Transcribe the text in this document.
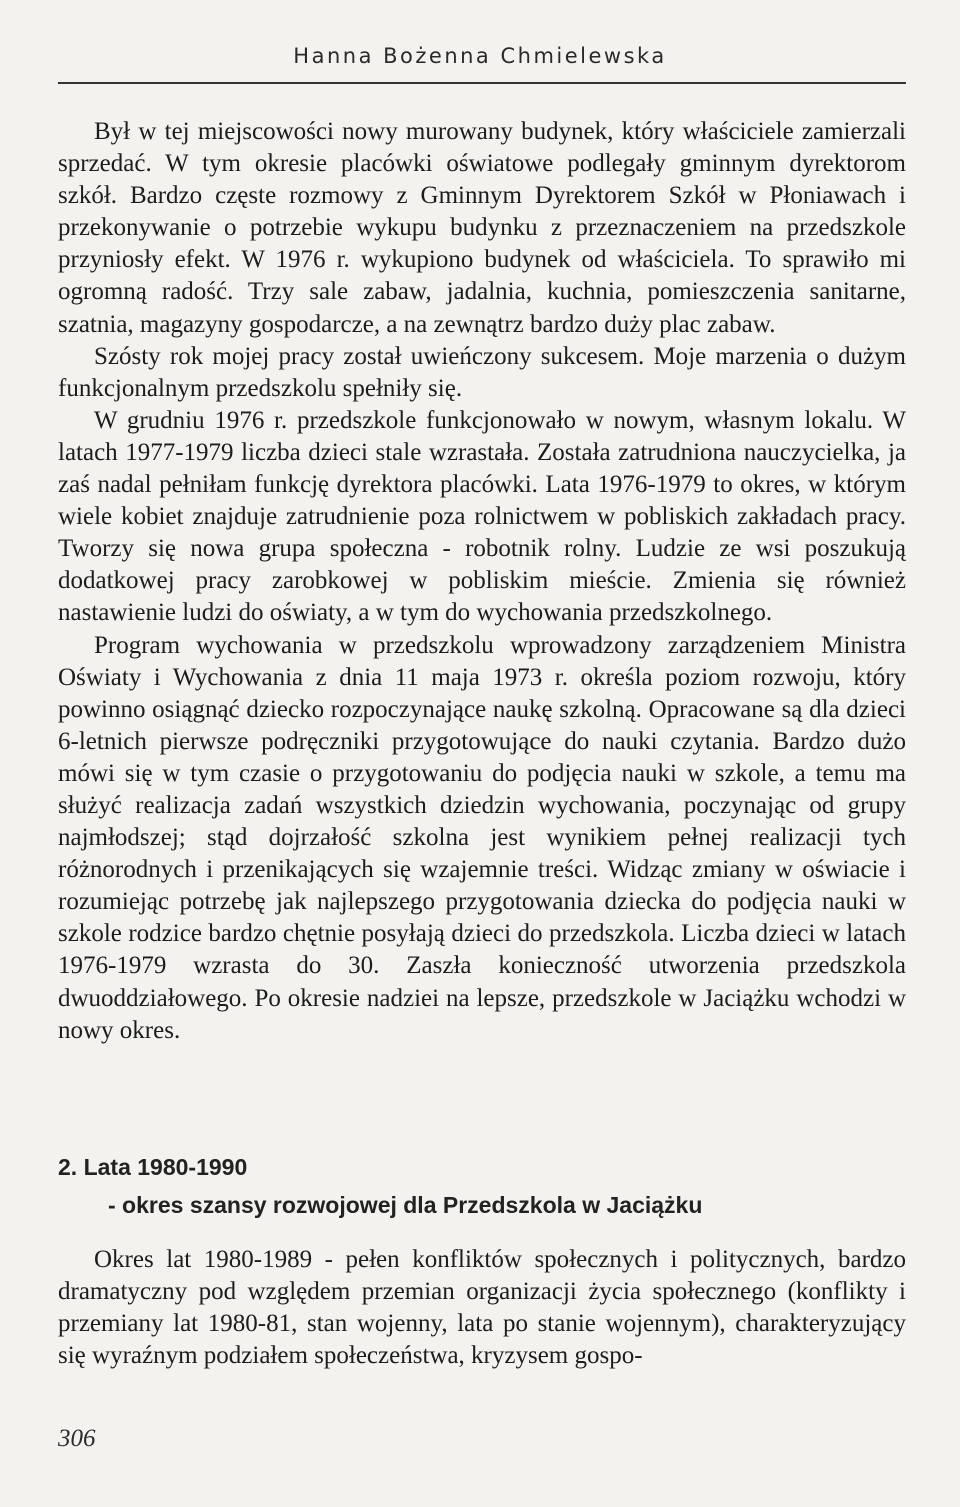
Hanna Bożenna Chmielewska

Był w tej miejscowości nowy murowany budynek, który właściciele zamierzali sprzedać. W tym okresie placówki oświatowe podlegały gminnym dyrektorom szkół. Bardzo częste rozmowy z Gminnym Dyrektorem Szkół w Płoniawach i przekonywanie o potrzebie wykupu budynku z przeznaczeniem na przedszkole przyniosły efekt. W 1976 r. wykupiono budynek od właściciela. To sprawiło mi ogromną radość. Trzy sale zabaw, jadalnia, kuchnia, pomieszczenia sanitarne, szatnia, magazyny gospodarcze, a na zewnątrz bardzo duży plac zabaw.

Szósty rok mojej pracy został uwieńczony sukcesem. Moje marzenia o dużym funkcjonalnym przedszkolu spełniły się.

W grudniu 1976 r. przedszkole funkcjonowało w nowym, własnym lokalu. W latach 1977-1979 liczba dzieci stale wzrastała. Została zatrudniona nauczycielka, ja zaś nadal pełniłam funkcję dyrektora placówki. Lata 1976-1979 to okres, w którym wiele kobiet znajduje zatrudnienie poza rolnictwem w pobliskich zakładach pracy. Tworzy się nowa grupa społeczna - robotnik rolny. Ludzie ze wsi poszukują dodatkowej pracy zarobkowej w pobliskim mieście. Zmienia się również nastawienie ludzi do oświaty, a w tym do wychowania przedszkolnego.

Program wychowania w przedszkolu wprowadzony zarządzeniem Ministra Oświaty i Wychowania z dnia 11 maja 1973 r. określa poziom rozwoju, który powinno osiągnąć dziecko rozpoczynające naukę szkolną. Opracowane są dla dzieci 6-letnich pierwsze podręczniki przygotowujące do nauki czytania. Bardzo dużo mówi się w tym czasie o przygotowaniu do podjęcia nauki w szkole, a temu ma służyć realizacja zadań wszystkich dziedzin wychowania, poczynając od grupy najmłodszej; stąd dojrzałość szkolna jest wynikiem pełnej realizacji tych różnorodnych i przenikających się wzajemnie treści. Widząc zmiany w oświacie i rozumiejąc potrzebę jak najlepszego przygotowania dziecka do podjęcia nauki w szkole rodzice bardzo chętnie posyłają dzieci do przedszkola. Liczba dzieci w latach 1976-1979 wzrasta do 30. Zaszła konieczność utworzenia przedszkola dwuoddziałowego. Po okresie nadziei na lepsze, przedszkole w Jaciążku wchodzi w nowy okres.

2. Lata 1980-1990
- okres szansy rozwojowej dla Przedszkola w Jaciążku

Okres lat 1980-1989 - pełen konfliktów społecznych i politycznych, bardzo dramatyczny pod względem przemian organizacji życia społecznego (konflikty i przemiany lat 1980-81, stan wojenny, lata po stanie wojennym), charakteryzujący się wyraźnym podziałem społeczeństwa, kryzysem gospo-

306
